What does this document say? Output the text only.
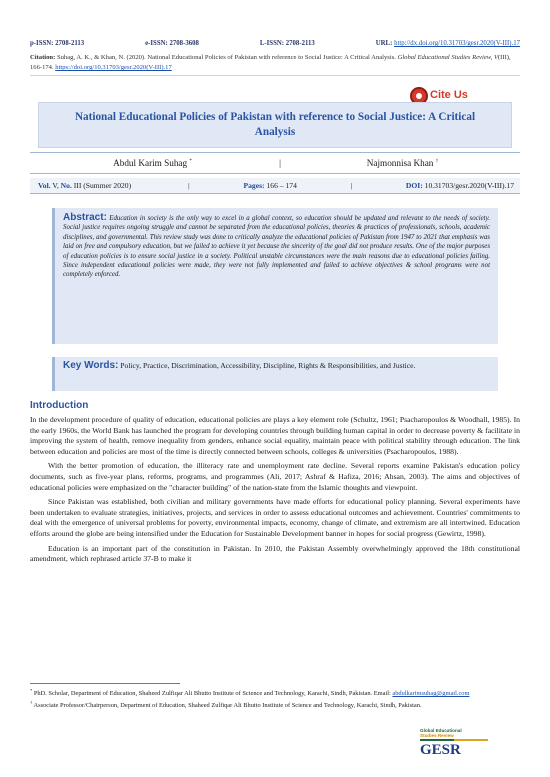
p-ISSN: 2708-2113	e-ISSN: 2708-3608	L-ISSN: 2708-2113	URL: http://dx.doi.org/10.31703/gesr.2020(V-III).17
Citation: Suhag, A. K., & Khan, N. (2020). National Educational Policies of Pakistan with reference to Social Justice: A Critical Analysis. Global Educational Studies Review, V(III), 166-174. https://doi.org/10.31703/gesr.2020(V-III).17
Cite Us
National Educational Policies of Pakistan with reference to Social Justice: A Critical Analysis
Abdul Karim Suhag *	|	Najmonnisa Khan †
Vol. V, No. III (Summer 2020)	|	Pages: 166 – 174	|	DOI: 10.31703/gesr.2020(V-III).17
Abstract: Education in society is the only way to excel in a global context, so education should be updated and relevant to the needs of society. Social justice requires ongoing struggle and cannot be separated from the educational policies, theories & practices of professionals, schools, academic disciplines, and governmental. This review study was done to critically analyze the educational policies of Pakistan from 1947 to 2021 that emphasis was laid on free and compulsory education, but we failed to achieve it yet because the sincerity of the goal did not produce results. One of the major purposes of education policies is to ensure social justice in a society. Political unstable circumstances were the main reasons due to educational policies failing. Since independent educational policies were made, they were not fully implemented and failed to achieve objectives & school programs were not completely enforced.
Key Words: Policy, Practice, Discrimination, Accessibility, Discipline, Rights & Responsibilities, and Justice.
Introduction

In the development procedure of quality of education, educational policies are plays a key element role (Schultz, 1961; Psacharopoulos & Woodhall, 1985). In the early 1960s, the World Bank has launched the program for developing countries through building human capital in order to decrease poverty & facilitate in improving the system of health, remove inequality from genders, enhance social equality, maintain peace with political stability through education. The link between education and policies are most of the time is directly connected between schools, colleges & universities (Psacharopoulos, 1988).

With the better promotion of education, the illiteracy rate and unemployment rate decline. Several reports examine Pakistan's education policy documents, such as five-year plans, reforms, programs, and programmes (Ali, 2017; Ashraf & Hafiza, 2016; Ahsan, 2003). The aims and objectives of educational policies were emphasized on the "character building" of the nation-state from the Islamic thoughts and viewpoint.

Since Pakistan was established, both civilian and military governments have made efforts for educational policy planning. Several experiments have been undertaken to evaluate strategies, initiatives, projects, and services in order to assess educational outcomes and achievement. Countries' commitments to deal with the emergence of universal problems for poverty, environmental impacts, economy, change of climate, and extremism are all intertwined. Education efforts around the globe are being intensified under the Education for Sustainable Development banner in hopes for social progress (Gewirtz, 1998).

Education is an important part of the constitution in Pakistan. In 2010, the Pakistan Assembly overwhelmingly approved the 18th constitutional amendment, which rephrased article 37-B to make it

* PhD. Scholar, Department of Education, Shaheed Zulfiqar Ali Bhutto Institute of Science and Technology, Karachi, Sindh, Pakistan. Email: abdulkarimsuhag@gmail.com
† Associate Professor/Chairperson, Department of Education, Shaheed Zulfiqar Ali Bhutto Institute of Science and Technology, Karachi, Sindh, Pakistan.
Global Educational
Studies Review
GESR
